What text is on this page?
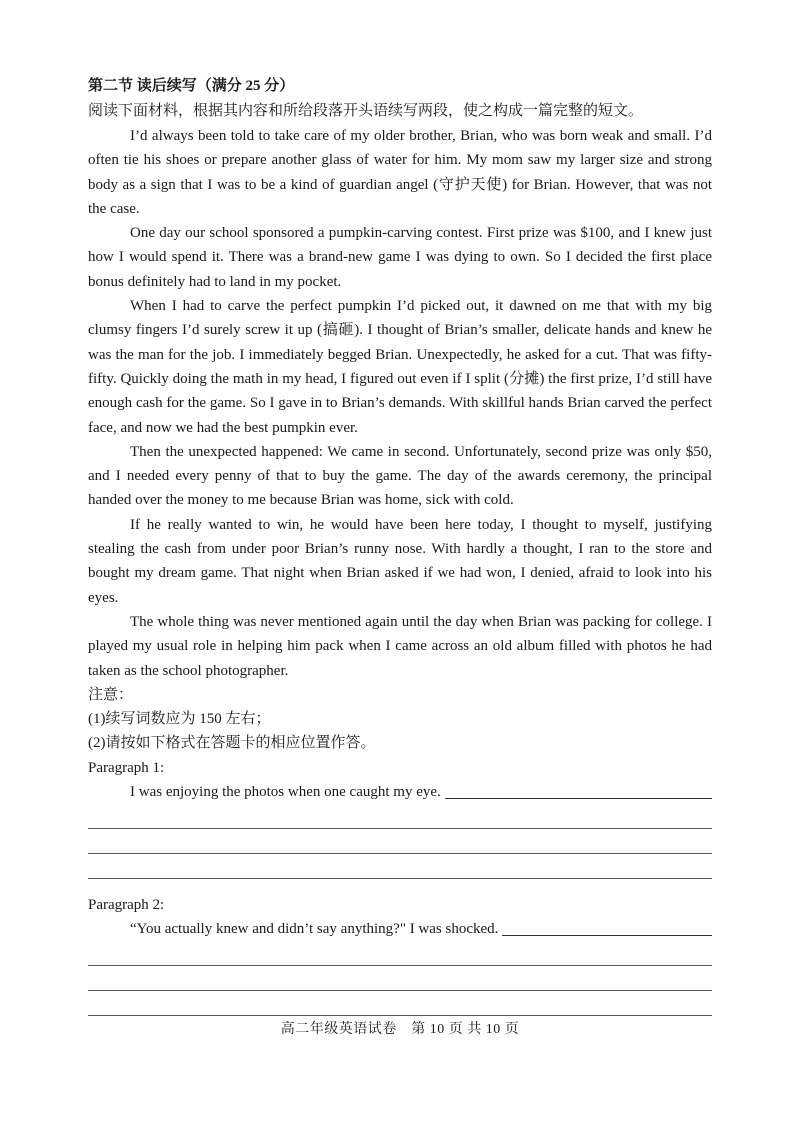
第二节 读后续写（满分 25 分）
阅读下面材料，根据其内容和所给段落开头语续写两段，使之构成一篇完整的短文。

I’d always been told to take care of my older brother, Brian, who was born weak and small. I’d often tie his shoes or prepare another glass of water for him. My mom saw my larger size and strong body as a sign that I was to be a kind of guardian angel (守护天使) for Brian. However, that was not the case.

One day our school sponsored a pumpkin-carving contest. First prize was $100, and I knew just how I would spend it. There was a brand-new game I was dying to own. So I decided the first place bonus definitely had to land in my pocket.

When I had to carve the perfect pumpkin I’d picked out, it dawned on me that with my big clumsy fingers I’d surely screw it up (搞砸). I thought of Brian’s smaller, delicate hands and knew he was the man for the job. I immediately begged Brian. Unexpectedly, he asked for a cut. That was fifty-fifty. Quickly doing the math in my head, I figured out even if I split (分摊) the first prize, I’d still have enough cash for the game. So I gave in to Brian’s demands. With skillful hands Brian carved the perfect face, and now we had the best pumpkin ever.

Then the unexpected happened: We came in second. Unfortunately, second prize was only $50, and I needed every penny of that to buy the game. The day of the awards ceremony, the principal handed over the money to me because Brian was home, sick with cold.

If he really wanted to win, he would have been here today, I thought to myself, justifying stealing the cash from under poor Brian’s runny nose. With hardly a thought, I ran to the store and bought my dream game. That night when Brian asked if we had won, I denied, afraid to look into his eyes.

The whole thing was never mentioned again until the day when Brian was packing for college. I played my usual role in helping him pack when I came across an old album filled with photos he had taken as the school photographer.

注意：
(1)续写词数应为 150 左右；
(2)请按如下格式在答题卡的相应位置作答。
Paragraph 1:
I was enjoying the photos when one caught my eye.
Paragraph 2:
“You actually knew and didn’t say anything?" I was shocked.
高二年级英语试卷　第 10 页 共 10 页
